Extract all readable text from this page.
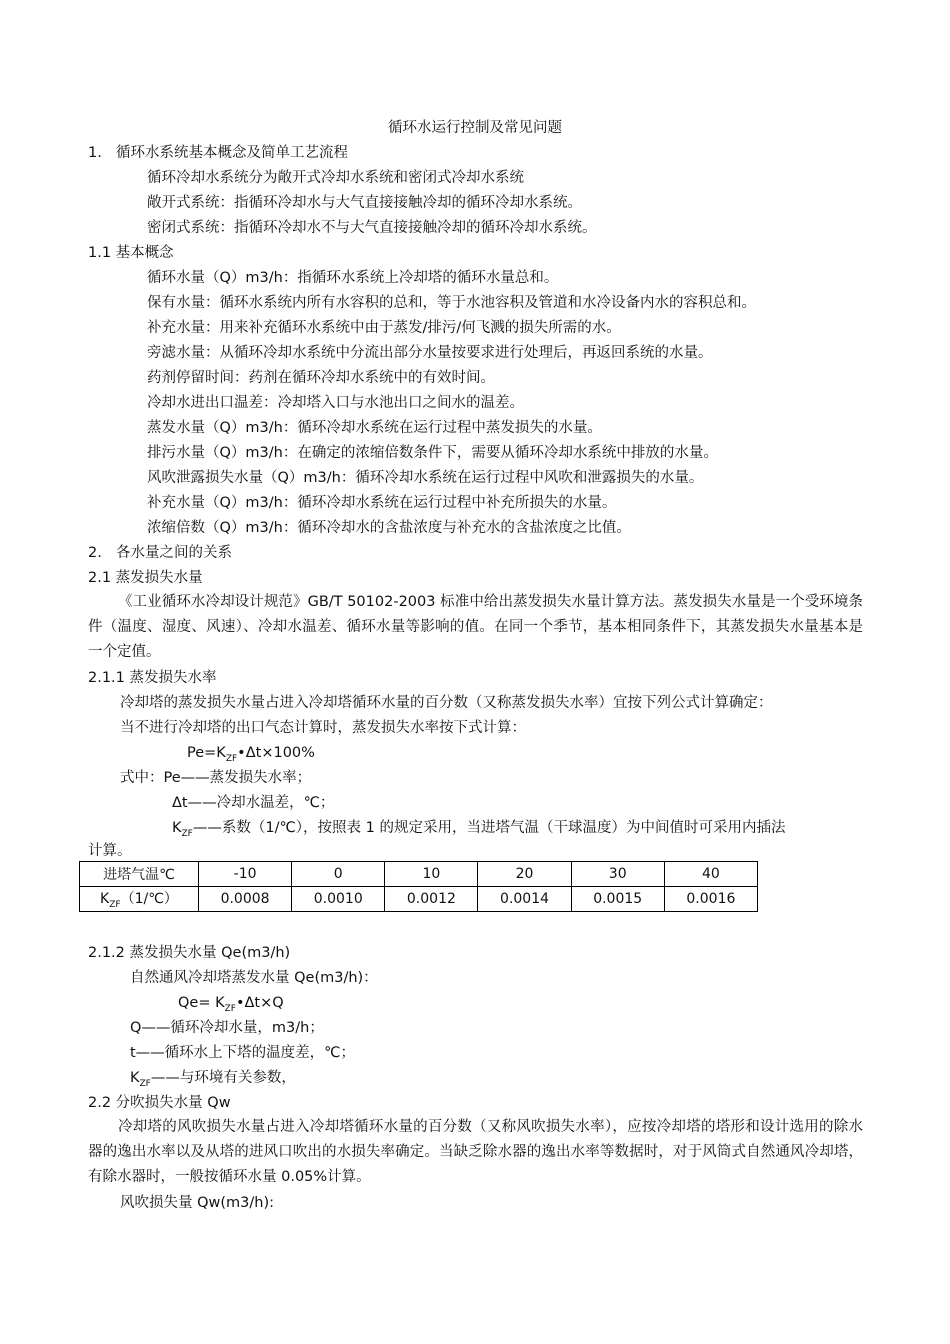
循环水运行控制及常见问题
1. 循环水系统基本概念及简单工艺流程
循环冷却水系统分为敞开式冷却水系统和密闭式冷却水系统
敞开式系统：指循环冷却水与大气直接接触冷却的循环冷却水系统。
密闭式系统：指循环冷却水不与大气直接接触冷却的循环冷却水系统。
1.1 基本概念
循环水量（Q）m3/h：指循环水系统上冷却塔的循环水量总和。
保有水量：循环水系统内所有水容积的总和，等于水池容积及管道和水冷设备内水的容积总和。
补充水量：用来补充循环水系统中由于蒸发/排污/何飞溅的损失所需的水。
旁滤水量：从循环冷却水系统中分流出部分水量按要求进行处理后，再返回系统的水量。
药剂停留时间：药剂在循环冷却水系统中的有效时间。
冷却水进出口温差：冷却塔入口与水池出口之间水的温差。
蒸发水量（Q）m3/h：循环冷却水系统在运行过程中蒸发损失的水量。
排污水量（Q）m3/h：在确定的浓缩倍数条件下，需要从循环冷却水系统中排放的水量。
风吹泄露损失水量（Q）m3/h：循环冷却水系统在运行过程中风吹和泄露损失的水量。
补充水量（Q）m3/h：循环冷却水系统在运行过程中补充所损失的水量。
浓缩倍数（Q）m3/h：循环冷却水的含盐浓度与补充水的含盐浓度之比值。
2. 各水量之间的关系
2.1 蒸发损失水量
《工业循环水冷却设计规范》GB/T 50102-2003 标准中给出蒸发损失水量计算方法。蒸发损失水量是一个受环境条件（温度、湿度、风速）、冷却水温差、循环水量等影响的值。在同一个季节，基本相同条件下，其蒸发损失水量基本是一个定值。
2.1.1 蒸发损失水率
冷却塔的蒸发损失水量占进入冷却塔循环水量的百分数（又称蒸发损失水率）宜按下列公式计算确定：
当不进行冷却塔的出口气态计算时，蒸发损失水率按下式计算：
$Pe=K_{ZF}•\Delta t\times 100\%$
式中：Pe——蒸发损失水率；
Δt——冷却水温差，℃；
$K_{ZF}——$系数（1/℃），按照表 1 的规定采用，当进塔气温（干球温度）为中间值时可采用内插法
计算。
进塔气温℃	-10	0	10	20	30	40
$K_{ZF}(1/℃)$	0.0008	0.0010	0.0012	0.0014	0.0015	0.0016
2.1.2 蒸发损失水量 Qe(m3/h)
自然通风冷却塔蒸发水量 Qe(m3/h)：
$Qe= K_{ZF}•\Delta t\times Q$
Q——循环冷却水量，m3/h；
t——循环水上下塔的温度差，℃；
$K_{ZF}——$与环境有关参数，
2.2 分吹损失水量 Qw
冷却塔的风吹损失水量占进入冷却塔循环水量的百分数（又称风吹损失水率），应按冷却塔的塔形和设计选用的除水器的逸出水率以及从塔的进风口吹出的水损失率确定。当缺乏除水器的逸出水率等数据时，对于风筒式自然通风冷却塔，有除水器时，一般按循环水量 0.05%计算。
风吹损失量 Qw(m3/h):
